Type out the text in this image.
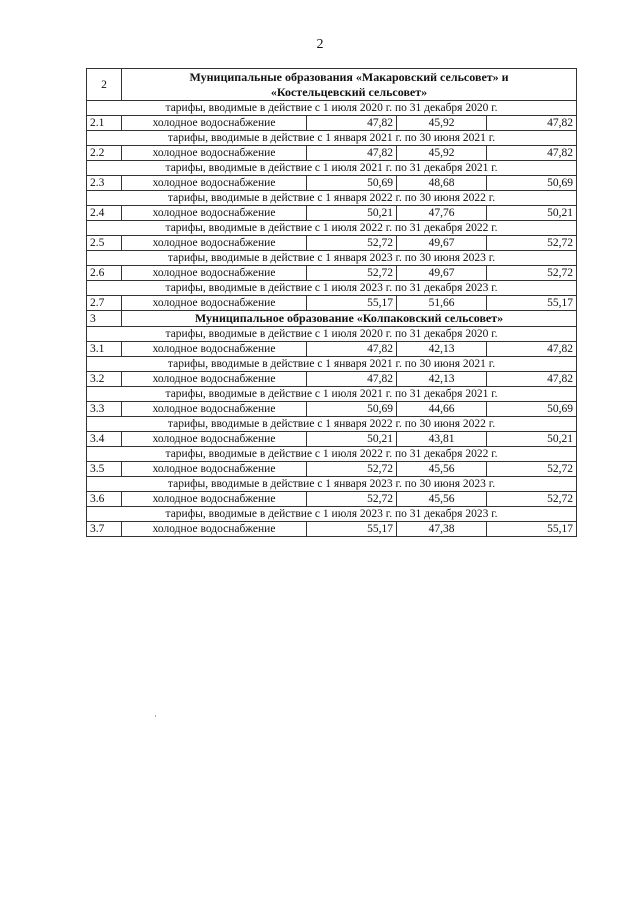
2
2	Муниципальные образования «Макаровский сельсовет» и
«Костельцевский сельсовет»			

тарифы, вводимые в действие с 1 июля 2020 г. по 31 декабря 2020 г.				
2.1	холодное водоснабжение	47,82	45,92	47,82
тарифы, вводимые в действие с 1 января 2021 г. по 30 июня 2021 г.				
2.2	холодное водоснабжение	47,82	45,92	47,82
тарифы, вводимые в действие с 1 июля 2021 г. по 31 декабря 2021 г.				
2.3	холодное водоснабжение	50,69	48,68	50,69
тарифы, вводимые в действие с 1 января 2022 г. по 30 июня 2022 г.				
2.4	холодное водоснабжение	50,21	47,76	50,21
тарифы, вводимые в действие с 1 июля 2022 г. по 31 декабря 2022 г.				
2.5	холодное водоснабжение	52,72	49,67	52,72
тарифы, вводимые в действие с 1 января 2023 г. по 30 июня 2023 г.				
2.6	холодное водоснабжение	52,72	49,67	52,72
тарифы, вводимые в действие с 1 июля 2023 г. по 31 декабря 2023 г.				
2.7	холодное водоснабжение	55,17	51,66	55,17
3	Муниципальное образование «Колпаковский сельсовет»			

тарифы, вводимые в действие с 1 июля 2020 г. по 31 декабря 2020 г.				
3.1	холодное водоснабжение	47,82	42,13	47,82
тарифы, вводимые в действие с 1 января 2021 г. по 30 июня 2021 г.				
3.2	холодное водоснабжение	47,82	42,13	47,82
тарифы, вводимые в действие с 1 июля 2021 г. по 31 декабря 2021 г.				
3.3	холодное водоснабжение	50,69	44,66	50,69
тарифы, вводимые в действие с 1 января 2022 г. по 30 июня 2022 г.				
3.4	холодное водоснабжение	50,21	43,81	50,21
тарифы, вводимые в действие с 1 июля 2022 г. по 31 декабря 2022 г.				
3.5	холодное водоснабжение	52,72	45,56	52,72
тарифы, вводимые в действие с 1 января 2023 г. по 30 июня 2023 г.				
3.6	холодное водоснабжение	52,72	45,56	52,72
тарифы, вводимые в действие с 1 июля 2023 г. по 31 декабря 2023 г.				
3.7	холодное водоснабжение	55,17	47,38	55,17
